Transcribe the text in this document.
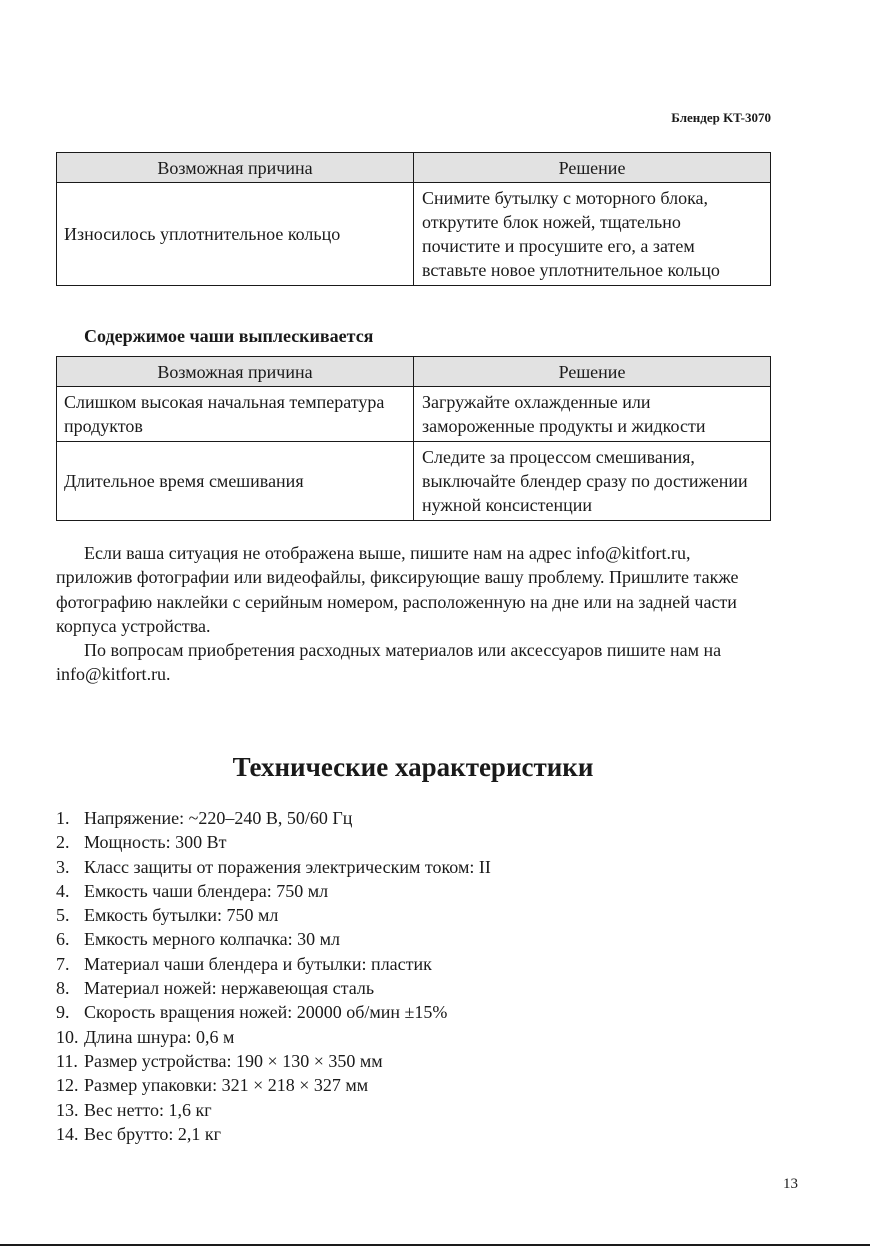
Блендер KT-3070
Возможная причина	Решение
Износилось уплотнительное кольцо	Снимите бутылку с моторного блока, открутите блок ножей, тщательно почистите и просушите его, а затем вставьте новое уплотнительное кольцо
Содержимое чаши выплескивается
Возможная причина	Решение
Слишком высокая начальная температура продуктов	Загружайте охлажденные или замороженные продукты и жидкости
Длительное время смешивания	Следите за процессом смешивания, выключайте блендер сразу по достижении нужной консистенции

Если ваша ситуация не отображена выше, пишите нам на адрес info@kitfort.ru, приложив фотографии или видеофайлы, фиксирующие вашу проблему. Пришлите также фотографию наклейки с серийным номером, расположенную на дне или на задней части корпуса устройства.

По вопросам приобретения расходных материалов или аксессуаров пишите нам на info@kitfort.ru.

Технические характеристики
1. Напряжение: ~220–240 В, 50/60 Гц
2. Мощность: 300 Вт
3. Класс защиты от поражения электрическим током: II
4. Емкость чаши блендера: 750 мл
5. Емкость бутылки: 750 мл
6. Емкость мерного колпачка: 30 мл
7. Материал чаши блендера и бутылки: пластик
8. Материал ножей: нержавеющая сталь
9. Скорость вращения ножей: 20000 об/мин ±15%
10. Длина шнура: 0,6 м
11. Размер устройства: 190 × 130 × 350 мм
12. Размер упаковки: 321 × 218 × 327 мм
13. Вес нетто: 1,6 кг
14. Вес брутто: 2,1 кг
13
